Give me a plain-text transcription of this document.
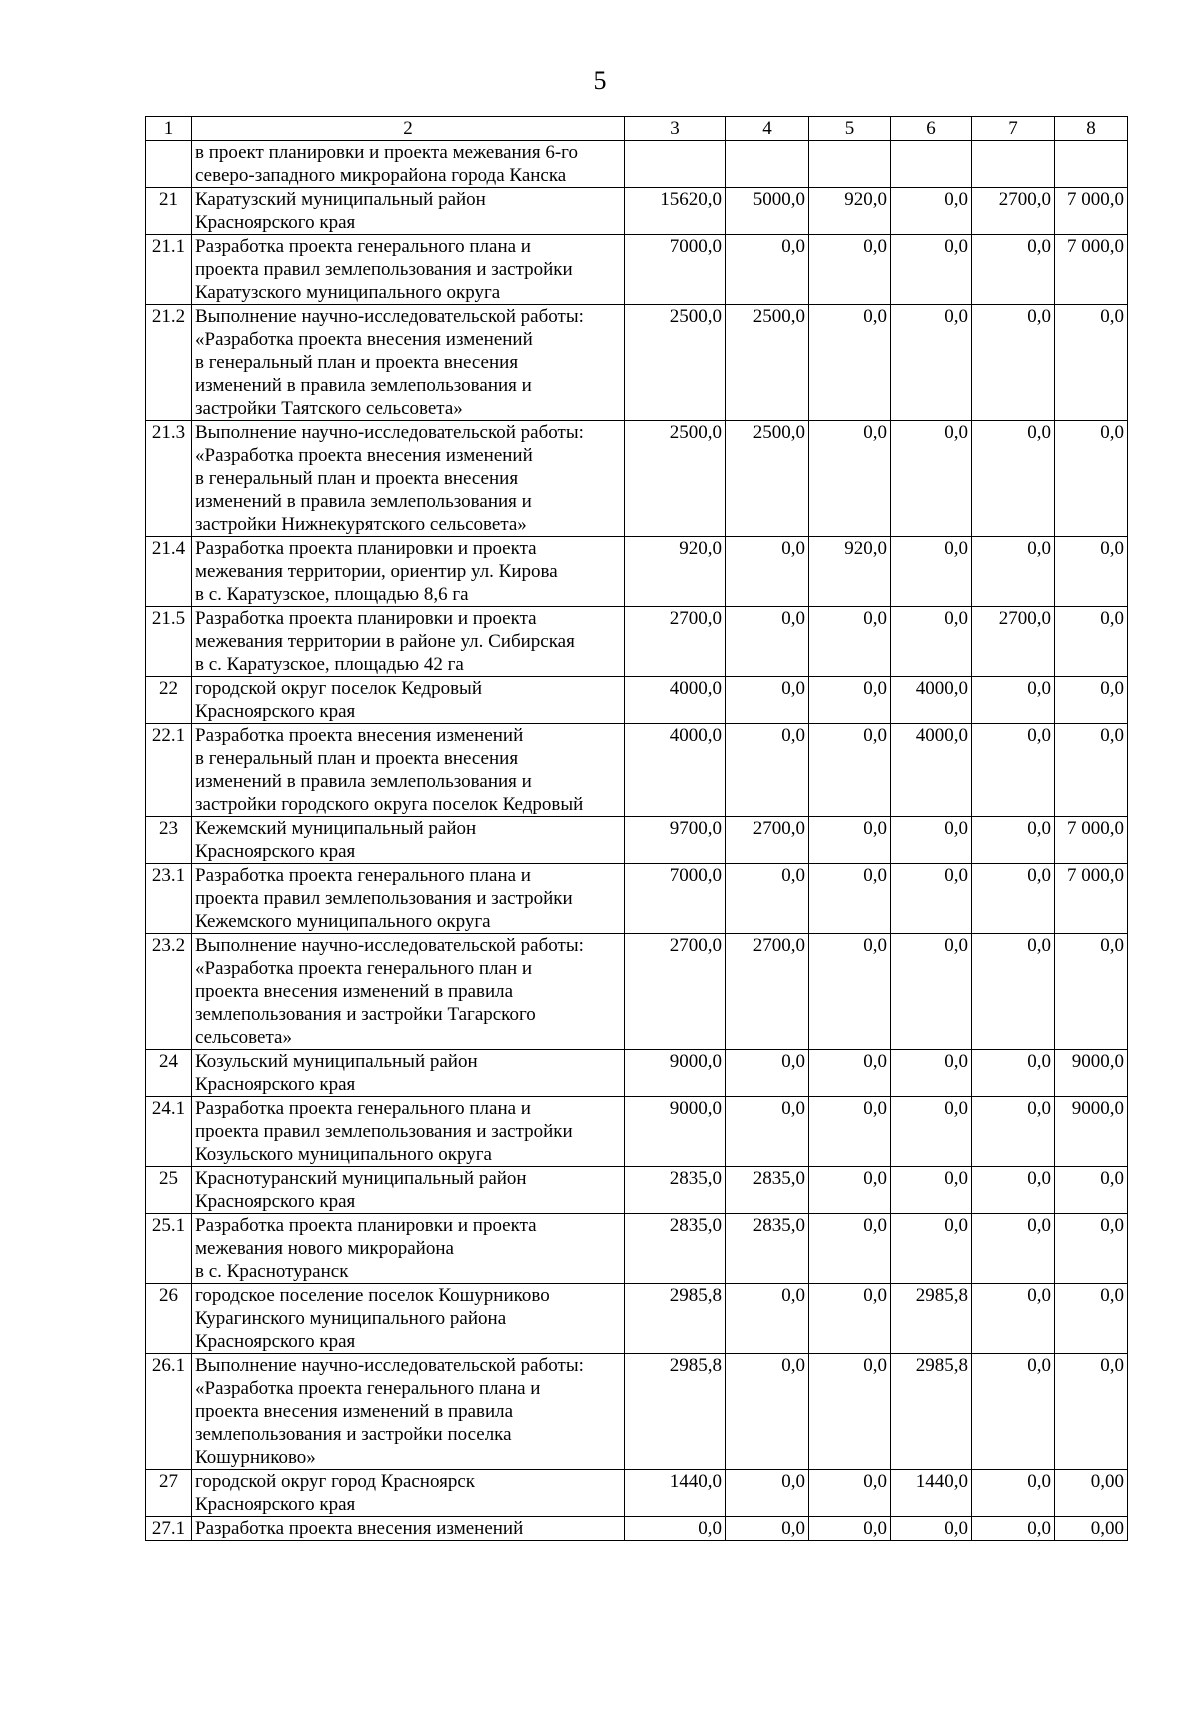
5
1	2	3	4	5	6	7	8

	в проект планировки и проекта межевания 6-го
северо-западного микрорайона города Канска						

21	Каратузский муниципальный район
Красноярского края	15620,0	5000,0	920,0	0,0	2700,0	7 000,0
21.1	Разработка проекта генерального плана и
проекта правил землепользования и застройки
Каратузского муниципального округа	7000,0	0,0	0,0	0,0	0,0	7 000,0
21.2	Выполнение научно-исследовательской работы:
«Разработка проекта внесения изменений
в генеральный план и проекта внесения
изменений в правила землепользования и
застройки Таятского сельсовета»	2500,0	2500,0	0,0	0,0	0,0	0,0
21.3	Выполнение научно-исследовательской работы:
«Разработка проекта внесения изменений
в генеральный план и проекта внесения
изменений в правила землепользования и
застройки Нижнекурятского сельсовета»	2500,0	2500,0	0,0	0,0	0,0	0,0
21.4	Разработка проекта планировки и проекта
межевания территории, ориентир ул. Кирова
в с. Каратузское, площадью 8,6 га	920,0	0,0	920,0	0,0	0,0	0,0
21.5	Разработка проекта планировки и проекта
межевания территории в районе ул. Сибирская
в с. Каратузское, площадью 42 га	2700,0	0,0	0,0	0,0	2700,0	0,0
22	городской округ поселок Кедровый
Красноярского края	4000,0	0,0	0,0	4000,0	0,0	0,0
22.1	Разработка проекта внесения изменений
в генеральный план и проекта внесения
изменений в правила землепользования и
застройки городского округа поселок Кедровый	4000,0	0,0	0,0	4000,0	0,0	0,0
23	Кежемский муниципальный район
Красноярского края	9700,0	2700,0	0,0	0,0	0,0	7 000,0
23.1	Разработка проекта генерального плана и
проекта правил землепользования и застройки
Кежемского муниципального округа	7000,0	0,0	0,0	0,0	0,0	7 000,0
23.2	Выполнение научно-исследовательской работы:
«Разработка проекта генерального план и
проекта внесения изменений в правила
землепользования и застройки Тагарского
сельсовета»	2700,0	2700,0	0,0	0,0	0,0	0,0
24	Козульский муниципальный район
Красноярского края	9000,0	0,0	0,0	0,0	0,0	9000,0
24.1	Разработка проекта генерального плана и
проекта правил землепользования и застройки
Козульского муниципального округа	9000,0	0,0	0,0	0,0	0,0	9000,0
25	Краснотуранский муниципальный район
Красноярского края	2835,0	2835,0	0,0	0,0	0,0	0,0
25.1	Разработка проекта планировки и проекта
межевания нового микрорайона
в с. Краснотуранск	2835,0	2835,0	0,0	0,0	0,0	0,0
26	городское поселение поселок Кошурниково
Курагинского муниципального района
Красноярского края	2985,8	0,0	0,0	2985,8	0,0	0,0
26.1	Выполнение научно-исследовательской работы:
«Разработка проекта генерального плана и
проекта внесения изменений в правила
землепользования и застройки поселка
Кошурниково»	2985,8	0,0	0,0	2985,8	0,0	0,0
27	городской округ город Красноярск
Красноярского края	1440,0	0,0	0,0	1440,0	0,0	0,00
27.1	Разработка проекта внесения изменений	0,0	0,0	0,0	0,0	0,0	0,00
